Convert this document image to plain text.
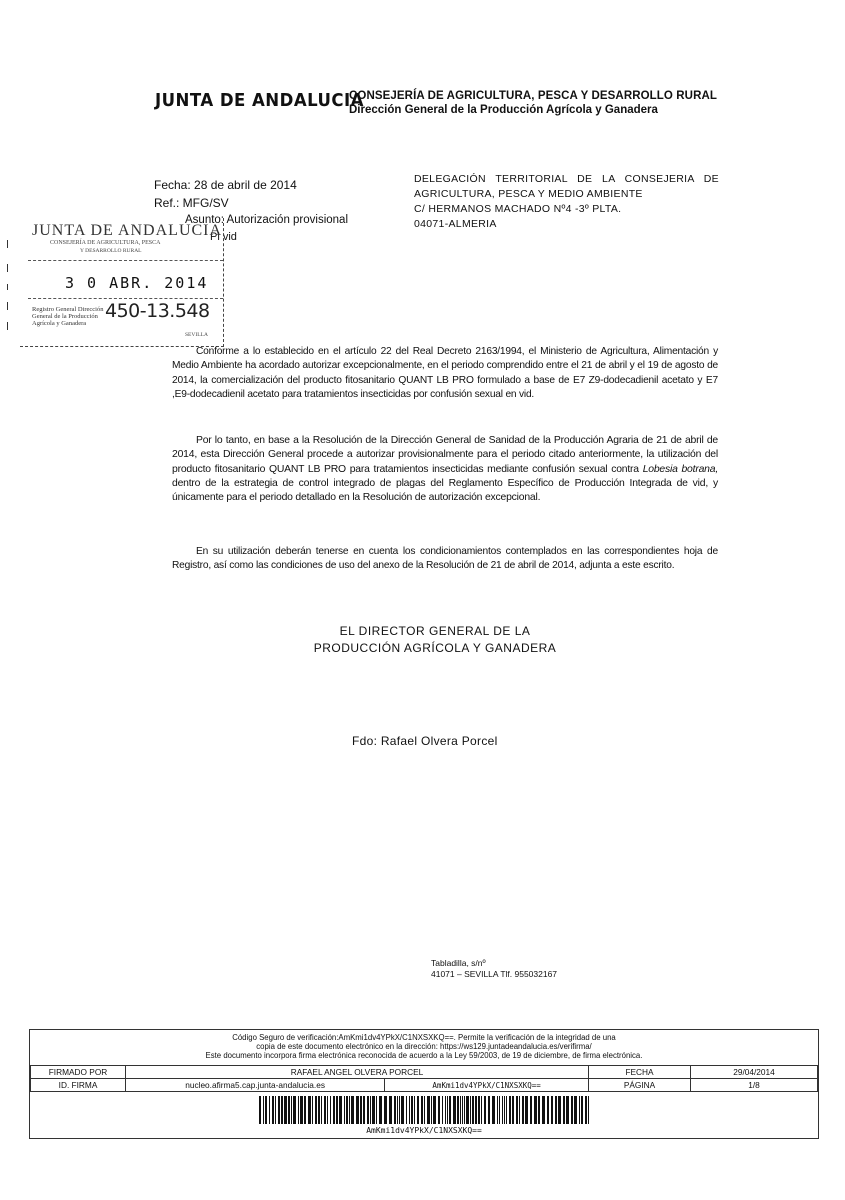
JUNTA DE ANDALUCIA
CONSEJERÍA DE AGRICULTURA, PESCA Y DESARROLLO RURAL
Dirección General de la Producción Agrícola y Ganadera
Fecha: 28 de abril de 2014
Ref.: MFG/SV
Asunto: Autorización provisional
Pl vid
DELEGACIÓN TERRITORIAL DE LA CONSEJERIA DE
AGRICULTURA, PESCA Y MEDIO AMBIENTE
C/ HERMANOS MACHADO Nº4 -3º PLTA.
04071-ALMERIA
JUNTA DE ANDALUCIA
CONSEJERÍA DE AGRICULTURA, PESCA
Y DESARROLLO RURAL
3 0 ABR. 2014
Registro General Dirección General de la Producción Agrícola y Ganadera
450-13.548
SEVILLA
Conforme a lo establecido en el artículo 22 del Real Decreto 2163/1994, el Ministerio de Agricultura, Alimentación y Medio Ambiente ha acordado autorizar excepcionalmente, en el periodo comprendido entre el 21 de abril y el 19 de agosto de 2014, la comercialización del producto fitosanitario QUANT LB PRO formulado a base de E7 Z9-dodecadienil acetato y E7 ,E9-dodecadienil acetato para tratamientos insecticidas por confusión sexual en vid.
Por lo tanto, en base a la Resolución de la Dirección General de Sanidad de la Producción Agraria de 21 de abril de 2014, esta Dirección General procede a autorizar provisionalmente para el periodo citado anteriormente, la utilización del producto fitosanitario QUANT LB PRO para tratamientos insecticidas mediante confusión sexual contra Lobesia botrana, dentro de la estrategia de control integrado de plagas del Reglamento Específico de Producción Integrada de vid, y únicamente para el periodo detallado en la Resolución de autorización excepcional.
En su utilización deberán tenerse en cuenta los condicionamientos contemplados en las correspondientes hoja de Registro, así como las condiciones de uso del anexo de la Resolución de 21 de abril de 2014, adjunta a este escrito.
EL DIRECTOR GENERAL DE LA
PRODUCCIÓN AGRÍCOLA Y GANADERA
Fdo: Rafael Olvera Porcel
Tabladilla, s/nº
41071 – SEVILLA Tlf. 955032167
Código Seguro de verificación:AmKmi1dv4YPkX/C1NXSXKQ==. Permite la verificación de la integridad de una
copia de este documento electrónico en la dirección: https://ws129.juntadeandalucia.es/verifirma/
Este documento incorpora firma electrónica reconocida de acuerdo a la Ley 59/2003, de 19 de diciembre, de firma electrónica.
FIRMADO POR	RAFAEL ANGEL OLVERA PORCEL		FECHA	29/04/2014
ID. FIRMA	nucleo.afirma5.cap.junta-andalucia.es	AmKmi1dv4YPkX/C1NXSXKQ==	PÁGINA	1/8
AmKmi1dv4YPkX/C1NXSXKQ==
